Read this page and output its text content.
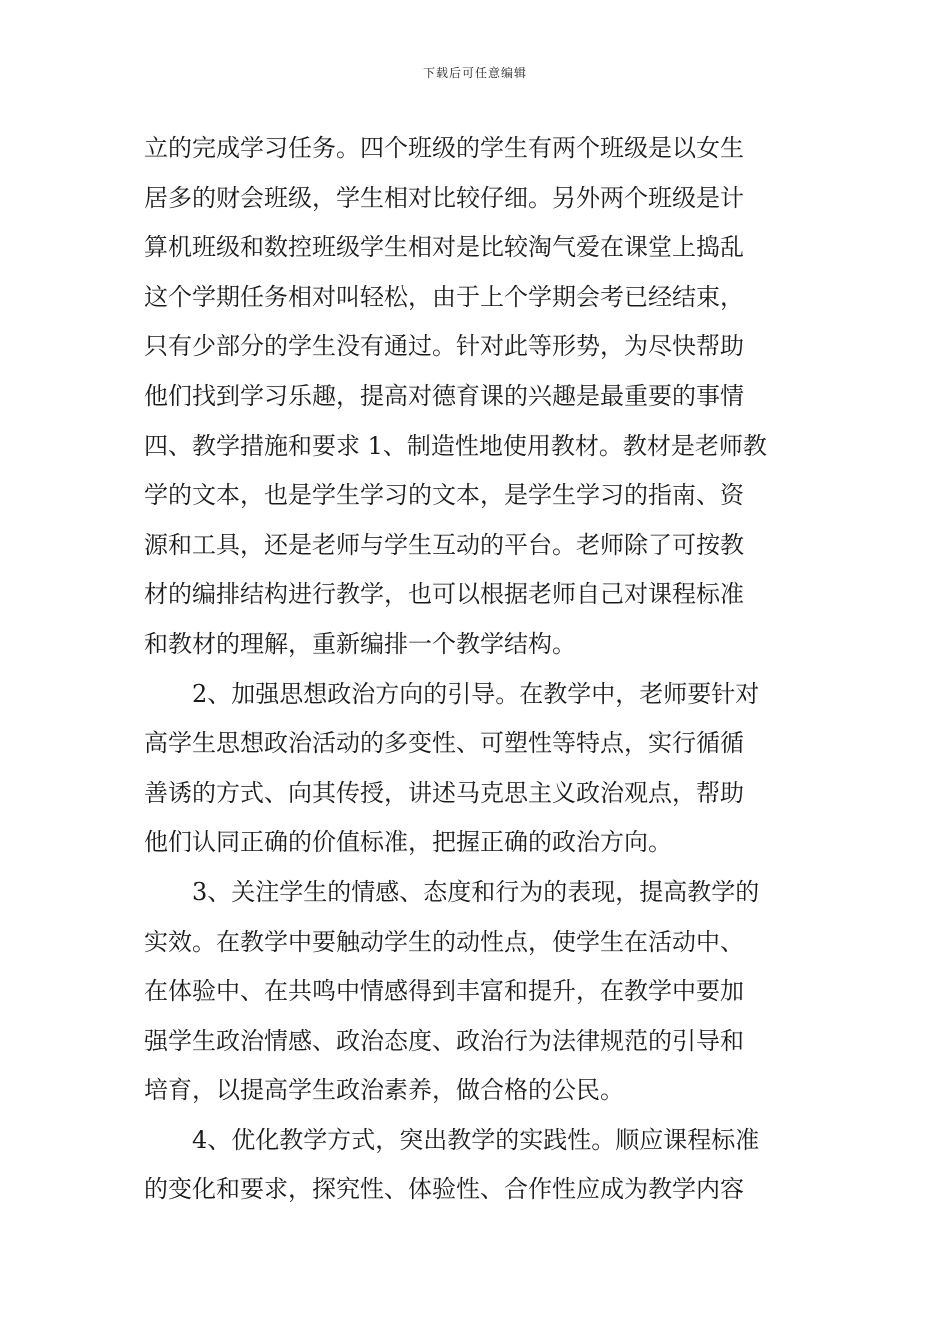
下载后可任意编辑
立的完成学习任务。四个班级的学生有两个班级是以女生
居多的财会班级，学生相对比较仔细。另外两个班级是计
算机班级和数控班级学生相对是比较淘气爱在课堂上捣乱
这个学期任务相对叫轻松，由于上个学期会考已经结束，
只有少部分的学生没有通过。针对此等形势，为尽快帮助
他们找到学习乐趣，提高对德育课的兴趣是最重要的事情
四、教学措施和要求 1、制造性地使用教材。教材是老师教
学的文本，也是学生学习的文本，是学生学习的指南、资
源和工具，还是老师与学生互动的平台。老师除了可按教
材的编排结构进行教学，也可以根据老师自己对课程标准
和教材的理解，重新编排一个教学结构。
2、加强思想政治方向的引导。在教学中，老师要针对
高学生思想政治活动的多变性、可塑性等特点，实行循循
善诱的方式、向其传授，讲述马克思主义政治观点，帮助
他们认同正确的价值标准，把握正确的政治方向。
3、关注学生的情感、态度和行为的表现，提高教学的
实效。在教学中要触动学生的动性点，使学生在活动中、
在体验中、在共鸣中情感得到丰富和提升，在教学中要加
强学生政治情感、政治态度、政治行为法律规范的引导和
培育，以提高学生政治素养，做合格的公民。
4、优化教学方式，突出教学的实践性。顺应课程标准
的变化和要求，探究性、体验性、合作性应成为教学内容
